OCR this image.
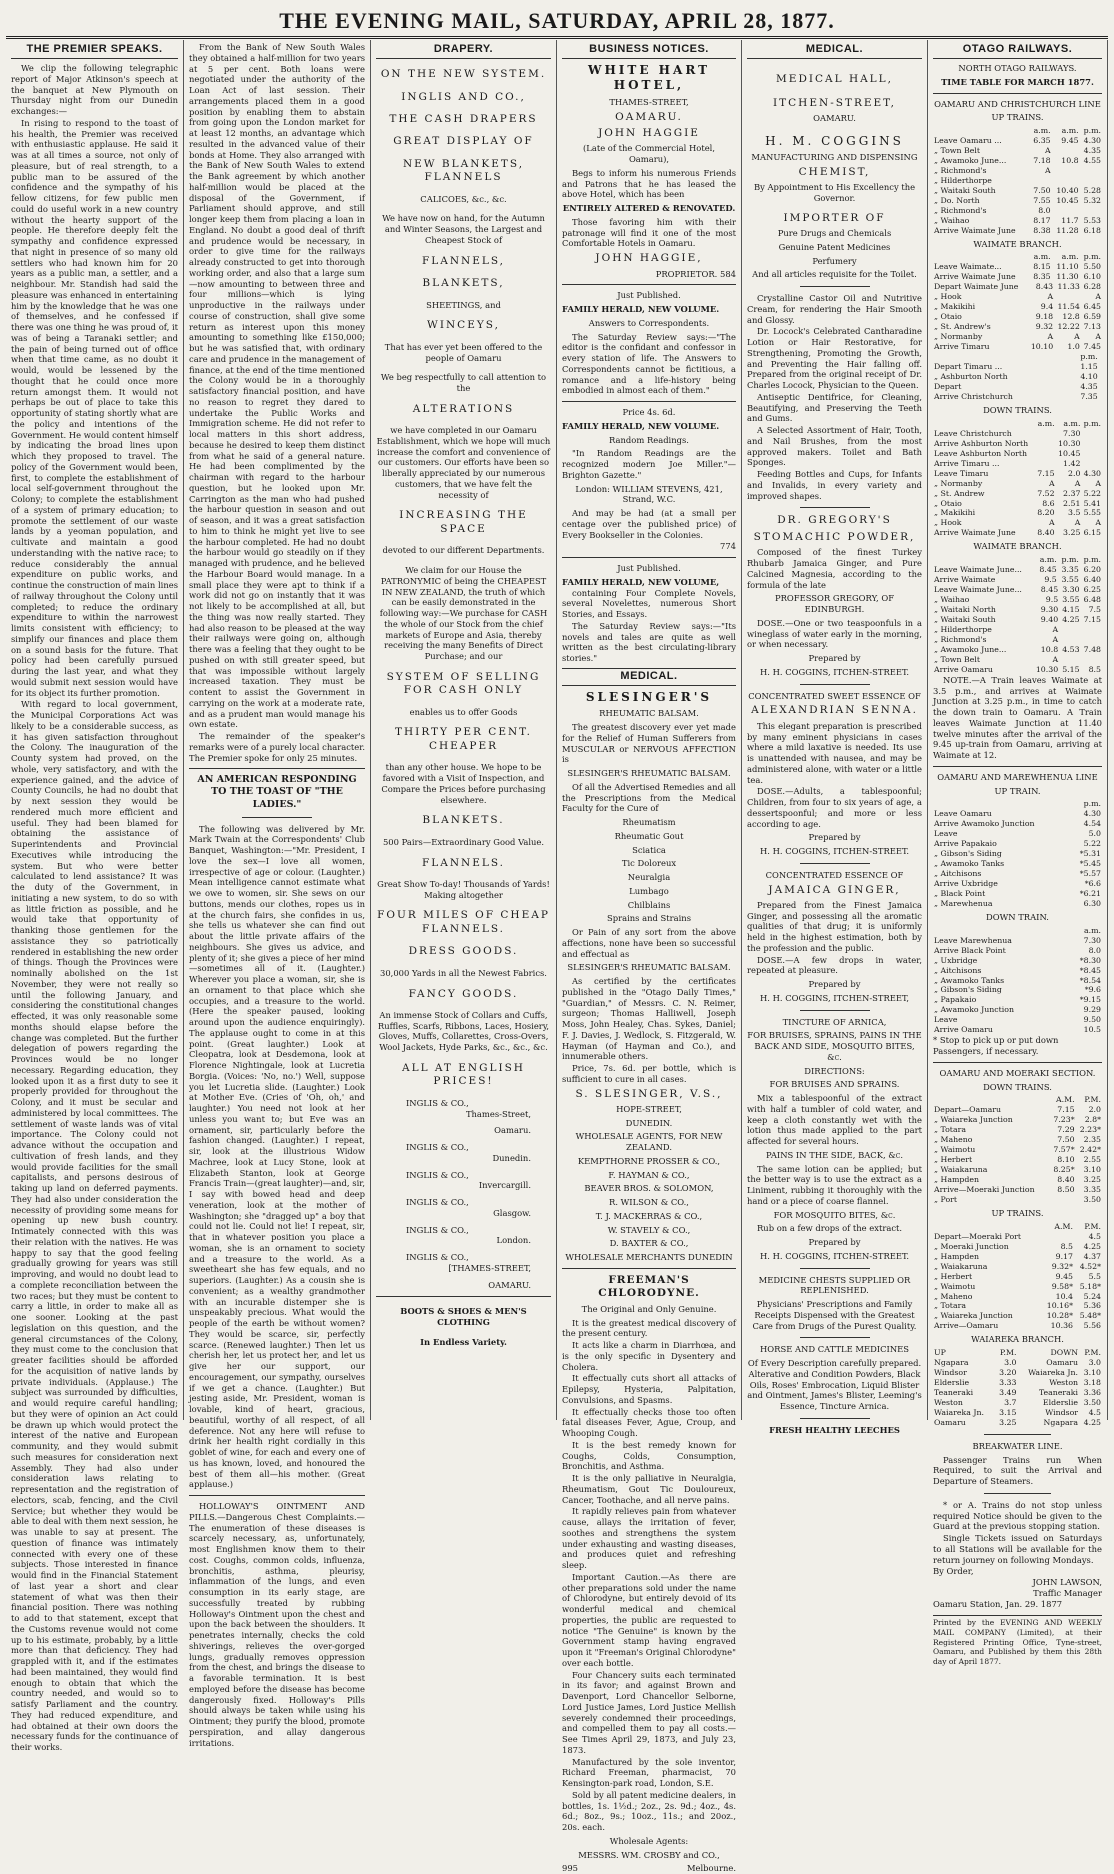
THE EVENING MAIL, SATURDAY, APRIL 28, 1877.
THE PREMIER SPEAKS.

We clip the following telegraphic report of Major Atkinson's speech at the banquet at New Plymouth on Thursday night from our Dunedin exchanges:—

In rising to respond to the toast of his health, the Premier was received with enthusiastic applause. He said it was at all times a source, not only of pleasure, but of real strength, to a public man to be assured of the confidence and the sympathy of his fellow citizens, for few public men could do useful work in a new country without the hearty support of the people. He therefore deeply felt the sympathy and confidence expressed that night in presence of so many old settlers who had known him for 20 years as a public man, a settler, and a neighbour. Mr. Standish had said the pleasure was enhanced in entertaining him by the knowledge that he was one of themselves, and he confessed if there was one thing he was proud of, it was of being a Taranaki settler; and the pain of being turned out of office when that time came, as no doubt it would, would be lessened by the thought that he could once more return amongst them. It would not perhaps be out of place to take this opportunity of stating shortly what are the policy and intentions of the Government. He would content himself by indicating the broad lines upon which they proposed to travel. The policy of the Government would been, first, to complete the establishment of local self-government throughout the Colony; to complete the establishment of a system of primary education; to promote the settlement of our waste lands by a yeoman population, and cultivate and maintain a good understanding with the native race; to reduce considerably the annual expenditure on public works, and continue the construction of main lines of railway throughout the Colony until completed; to reduce the ordinary expenditure to within the narrowest limits consistent with efficiency; to simplify our finances and place them on a sound basis for the future. That policy had been carefully pursued during the last year, and what they would submit next session would have for its object its further promotion.

With regard to local government, the Municipal Corporations Act was likely to be a considerable success, as it has given satisfaction throughout the Colony. The inauguration of the County system had proved, on the whole, very satisfactory, and with the experience gained, and the advice of County Councils, he had no doubt that by next session they would be rendered much more efficient and useful. They had been blamed for obtaining the assistance of Superintendents and Provincial Executives while introducing the system. But who were better calculated to lend assistance? It was the duty of the Government, in initiating a new system, to do so with as little friction as possible, and he would take that opportunity of thanking those gentlemen for the assistance they so patriotically rendered in establishing the new order of things. Though the Provinces were nominally abolished on the 1st November, they were not really so until the following January, and considering the constitutional changes effected, it was only reasonable some months should elapse before the change was completed. But the further delegation of powers regarding the Provinces would be no longer necessary. Regarding education, they looked upon it as a first duty to see it properly provided for throughout the Colony, and it must be secular and administered by local committees. The settlement of waste lands was of vital importance. The Colony could not advance without the occupation and cultivation of fresh lands, and they would provide facilities for the small capitalists, and persons desirous of taking up land on deferred payments. They had also under consideration the necessity of providing some means for opening up new bush country. Intimately connected with this was their relation with the natives. He was happy to say that the good feeling gradually growing for years was still improving, and would no doubt lead to a complete reconciliation between the two races; but they must be content to carry a little, in order to make all as one sooner. Looking at the past legislation on this question, and the general circumstances of the Colony, they must come to the conclusion that greater facilities should be afforded for the acquisition of native lands by private individuals. (Applause.) The subject was surrounded by difficulties, and would require careful handling; but they were of opinion an Act could be drawn up which would protect the interest of the native and European community, and they would submit such measures for consideration next Assembly. They had also under consideration laws relating to representation and the registration of electors, scab, fencing, and the Civil Service; but whether they would be able to deal with them next session, he was unable to say at present. The question of finance was intimately connected with every one of these subjects. Those interested in finance would find in the Financial Statement of last year a short and clear statement of what was then their financial position. There was nothing to add to that statement, except that the Customs revenue would not come up to his estimate, probably, by a little more than that deficiency. They had grappled with it, and if the estimates had been maintained, they would find enough to obtain that which the country needed, and would so to satisfy Parliament and the country. They had reduced expenditure, and had obtained at their own doors the necessary funds for the continuance of their works.

From the Bank of New South Wales they obtained a half-million for two years at 5 per cent. Both loans were negotiated under the authority of the Loan Act of last session. Their arrangements placed them in a good position by enabling them to abstain from going upon the London market for at least 12 months, an advantage which resulted in the advanced value of their bonds at Home. They also arranged with the Bank of New South Wales to extend the Bank agreement by which another half-million would be placed at the disposal of the Government, if Parliament should approve, and still longer keep them from placing a loan in England. No doubt a good deal of thrift and prudence would be necessary, in order to give time for the railways already constructed to get into thorough working order, and also that a large sum—now amounting to between three and four millions—which is lying unproductive in the railways under course of construction, shall give some return as interest upon this money amounting to something like £150,000; but he was satisfied that, with ordinary care and prudence in the management of finance, at the end of the time mentioned the Colony would be in a thoroughly satisfactory financial position, and have no reason to regret they dared to undertake the Public Works and Immigration scheme. He did not refer to local matters in this short address, because he desired to keep them distinct from what he said of a general nature. He had been complimented by the chairman with regard to the harbour question, but he looked upon Mr. Carrington as the man who had pushed the harbour question in season and out of season, and it was a great satisfaction to him to think he might yet live to see the harbour completed. He had no doubt the harbour would go steadily on if they managed with prudence, and he believed the Harbour Board would manage. In a small place they were apt to think if a work did not go on instantly that it was not likely to be accomplished at all, but the thing was now really started. They had also reason to be pleased at the way their railways were going on, although there was a feeling that they ought to be pushed on with still greater speed, but that was impossible without largely increased taxation. They must be content to assist the Government in carrying on the work at a moderate rate, and as a prudent man would manage his own estate.

The remainder of the speaker's remarks were of a purely local character. The Premier spoke for only 25 minutes.

AN AMERICAN RESPONDING TO THE TOAST OF "THE LADIES."

The following was delivered by Mr. Mark Twain at the Correspondents' Club Banquet, Washington:—"Mr. President, I love the sex—I love all women, irrespective of age or colour. (Laughter.) Mean intelligence cannot estimate what we owe to women, sir. She sews on our buttons, mends our clothes, ropes us in at the church fairs, she confides in us, she tells us whatever she can find out about the little private affairs of the neighbours. She gives us advice, and plenty of it; she gives a piece of her mind—sometimes all of it. (Laughter.) Wherever you place a woman, sir, she is an ornament to that place which she occupies, and a treasure to the world. (Here the speaker paused, looking around upon the audience enquiringly). The applause ought to come in at this point. (Great laughter.) Look at Cleopatra, look at Desdemona, look at Florence Nightingale, look at Lucretia Borgia. (Voices: 'No, no.') Well, suppose you let Lucretia slide. (Laughter.) Look at Mother Eve. (Cries of 'Oh, oh,' and laughter.) You need not look at her unless you want to; but Eve was an ornament, sir, particularly before the fashion changed. (Laughter.) I repeat, sir, look at the illustrious Widow Machree, look at Lucy Stone, look at Elizabeth Stanton, look at George Francis Train—(great laughter)—and, sir, I say with bowed head and deep veneration, look at the mother of Washington; she "dragged up" a boy that could not lie. Could not lie! I repeat, sir, that in whatever position you place a woman, she is an ornament to society and a treasure to the world. As a sweetheart she has few equals, and no superiors. (Laughter.) As a cousin she is convenient; as a wealthy grandmother with an incurable distemper she is unspeakably precious. What would the people of the earth be without women? They would be scarce, sir, perfectly scarce. (Renewed laughter.) Then let us cherish her, let us protect her, and let us give her our support, our encouragement, our sympathy, ourselves if we get a chance. (Laughter.) But jesting aside, Mr. President, woman is lovable, kind of heart, gracious, beautiful, worthy of all respect, of all deference. Not any here will refuse to drink her health right cordially in this goblet of wine, for each and every one of us has known, loved, and honoured the best of them all—his mother. (Great applause.)

HOLLOWAY'S OINTMENT AND PILLS.—Dangerous Chest Complaints.—The enumeration of these diseases is scarcely necessary, as, unfortunately, most Englishmen know them to their cost. Coughs, common colds, influenza, bronchitis, asthma, pleurisy, inflammation of the lungs, and even consumption in its early stage, are successfully treated by rubbing Holloway's Ointment upon the chest and upon the back between the shoulders. It penetrates internally, checks the cold shiverings, relieves the over-gorged lungs, gradually removes oppression from the chest, and brings the disease to a favorable termination. It is best employed before the disease has become dangerously fixed. Holloway's Pills should always be taken while using his Ointment; they purify the blood, promote perspiration, and allay dangerous irritations.

DRAPERY.

ON THE NEW SYSTEM.

INGLIS AND CO.,

THE CASH DRAPERS

GREAT DISPLAY OF

NEW BLANKETS, FLANNELS

CALICOES, &c., &c.

We have now on hand, for the Autumn and Winter Seasons, the Largest and Cheapest Stock of

FLANNELS,

BLANKETS,

SHEETINGS, and

WINCEYS,

That has ever yet been offered to the people of Oamaru

We beg respectfully to call attention to the

ALTERATIONS

we have completed in our Oamaru Establishment, which we hope will much increase the comfort and convenience of our customers. Our efforts have been so liberally appreciated by our numerous customers, that we have felt the necessity of

INCREASING THE SPACE

devoted to our different Departments.

We claim for our House the PATRONYMIC of being the CHEAPEST IN NEW ZEALAND, the truth of which can be easily demonstrated in the following way:—We purchase for CASH the whole of our Stock from the chief markets of Europe and Asia, thereby receiving the many Benefits of Direct Purchase; and our

SYSTEM OF SELLING FOR CASH ONLY

enables us to offer Goods

THIRTY PER CENT. CHEAPER

than any other house. We hope to be favored with a Visit of Inspection, and Compare the Prices before purchasing elsewhere.

BLANKETS.

500 Pairs—Extraordinary Good Value.

FLANNELS.

Great Show To-day! Thousands of Yards! Making altogether

FOUR MILES OF CHEAP FLANNELS.

DRESS GOODS.

30,000 Yards in all the Newest Fabrics.

FANCY GOODS.

An immense Stock of Collars and Cuffs, Ruffles, Scarfs, Ribbons, Laces, Hosiery, Gloves, Muffs, Collarettes, Cross-Overs, Wool Jackets, Hyde Parks, &c., &c., &c.

ALL AT ENGLISH PRICES!

INGLIS & CO.,
Thames-Street,
Oamaru.
INGLIS & CO.,
Dunedin.
INGLIS & CO.,
Invercargill.
INGLIS & CO.,
Glasgow.
INGLIS & CO.,
London.
INGLIS & CO.,
[THAMES-STREET,
OAMARU.

BOOTS & SHOES & MEN'S CLOTHING

In Endless Variety.

BUSINESS NOTICES.
WHITE HART HOTEL,

THAMES-STREET,

OAMARU.

JOHN HAGGIE

(Late of the Commercial Hotel, Oamaru),

Begs to inform his numerous Friends and Patrons that he has leased the above Hotel, which has been

ENTIRELY ALTERED & RENOVATED.

Those favoring him with their patronage will find it one of the most Comfortable Hotels in Oamaru.

JOHN HAGGIE,

PROPRIETOR. 584

Just Published.

FAMILY HERALD, NEW VOLUME.

Answers to Correspondents.

The Saturday Review says:—"The editor is the confidant and confessor in every station of life. The Answers to Correspondents cannot be fictitious, a romance and a life-history being embodied in almost each of them."

Price 4s. 6d.

FAMILY HERALD, NEW VOLUME.

Random Readings.

"In Random Readings are the recognized modern Joe Miller."—Brighton Gazette."

London: WILLIAM STEVENS, 421, Strand, W.C.

And may be had (at a small per centage over the published price) of Every Bookseller in the Colonies.

774

Just Published.

FAMILY HERALD, NEW VOLUME,

containing Four Complete Novels, several Novelettes, numerous Short Stories, and Essays.

The Saturday Review says:—"Its novels and tales are quite as well written as the best circulating-library stories."

MEDICAL.
SLESINGER'S

RHEUMATIC BALSAM.

The greatest discovery ever yet made for the Relief of Human Sufferers from MUSCULAR or NERVOUS AFFECTION is

SLESINGER'S RHEUMATIC BALSAM.

Of all the Advertised Remedies and all the Prescriptions from the Medical Faculty for the Cure of

Rheumatism

Rheumatic Gout

Sciatica

Tic Doloreux

Neuralgia

Lumbago

Chilblains

Sprains and Strains

Or Pain of any sort from the above affections, none have been so successful and effectual as

SLESINGER'S RHEUMATIC BALSAM.

As certified by the certificates published in the "Otago Daily Times," "Guardian," of Messrs. C. N. Reimer, surgeon; Thomas Halliwell, Joseph Moss, John Healey, Chas. Sykes, Daniel; F. J. Davies, J. Wedlock, S. Fitzgerald, W. Hayman (of Hayman and Co.), and innumerable others.

Price, 7s. 6d. per bottle, which is sufficient to cure in all cases.

S. SLESINGER, V.S.,

HOPE-STREET,

DUNEDIN.

WHOLESALE AGENTS, FOR NEW ZEALAND.

KEMPTHORNE PROSSER & CO.,

F. HAYMAN & CO.,

BEAVER BROS. & SOLOMON,

R. WILSON & CO.,

T. J. MACKERRAS & CO.,

W. STAVELY & CO.,

D. BAXTER & CO.,

WHOLESALE MERCHANTS DUNEDIN

FREEMAN'S CHLORODYNE.

The Original and Only Genuine.

It is the greatest medical discovery of the present century.

It acts like a charm in Diarrhœa, and is the only specific in Dysentery and Cholera.

It effectually cuts short all attacks of Epilepsy, Hysteria, Palpitation, Convulsions, and Spasms.

It effectually checks those too often fatal diseases Fever, Ague, Croup, and Whooping Cough.

It is the best remedy known for Coughs, Colds, Consumption, Bronchitis, and Asthma.

It is the only palliative in Neuralgia, Rheumatism, Gout Tic Douloureux, Cancer, Toothache, and all nerve pains.

It rapidly relieves pain from whatever cause, allays the irritation of fever, soothes and strengthens the system under exhausting and wasting diseases, and produces quiet and refreshing sleep.

Important Caution.—As there are other preparations sold under the name of Chlorodyne, but entirely devoid of its wonderful medical and chemical properties, the public are requested to notice "The Genuine" is known by the Government stamp having engraved upon it "Freeman's Original Chlorodyne" over each bottle.

Four Chancery suits each terminated in its favor; and against Brown and Davenport, Lord Chancellor Selborne, Lord Justice James, Lord Justice Mellish severely condemned their proceedings, and compelled them to pay all costs.—See Times April 29, 1873, and July 23, 1873.

Manufactured by the sole inventor, Richard Freeman, pharmacist, 70 Kensington-park road, London, S.E.

Sold by all patent medicine dealers, in bottles, 1s. 1½d.; 2oz., 2s. 9d.; 4oz., 4s. 6d.; 8oz., 9s.; 10oz., 11s.; and 20oz., 20s. each.

Wholesale Agents:

MESSRS. WM. CROSBY and CO.,

995	Melbourne.

MEDICAL.

MEDICAL HALL,

ITCHEN-STREET,

OAMARU.

H. M. COGGINS

MANUFACTURING AND DISPENSING

CHEMIST,

By Appointment to His Excellency the Governor.

IMPORTER OF

Pure Drugs and Chemicals

Genuine Patent Medicines

Perfumery

And all articles requisite for the Toilet.

Crystalline Castor Oil and Nutritive Cream, for rendering the Hair Smooth and Glossy.

Dr. Locock's Celebrated Cantharadine Lotion or Hair Restorative, for Strengthening, Promoting the Growth, and Preventing the Hair falling off. Prepared from the original receipt of Dr. Charles Locock, Physician to the Queen.

Antiseptic Dentifrice, for Cleaning, Beautifying, and Preserving the Teeth and Gums.

A Selected Assortment of Hair, Tooth, and Nail Brushes, from the most approved makers. Toilet and Bath Sponges.

Feeding Bottles and Cups, for Infants and Invalids, in every variety and improved shapes.

DR. GREGORY'S

STOMACHIC POWDER,

Composed of the finest Turkey Rhubarb Jamaica Ginger, and Pure Calcined Magnesia, according to the formula of the late

PROFESSOR GREGORY, OF EDINBURGH.

DOSE.—One or two teaspoonfuls in a wineglass of water early in the morning, or when necessary.

Prepared by

H. H. COGGINS, ITCHEN-STREET.

CONCENTRATED SWEET ESSENCE OF

ALEXANDRIAN SENNA.

This elegant preparation is prescribed by many eminent physicians in cases where a mild laxative is needed. Its use is unattended with nausea, and may be administered alone, with water or a little tea.

DOSE.—Adults, a tablespoonful; Children, from four to six years of age, a dessertspoonful; and more or less according to age.

Prepared by

H. H. COGGINS, ITCHEN-STREET.

CONCENTRATED ESSENCE OF

JAMAICA GINGER,

Prepared from the Finest Jamaica Ginger, and possessing all the aromatic qualities of that drug; it is uniformly held in the highest estimation, both by the profession and the public.

DOSE.—A few drops in water, repeated at pleasure.

Prepared by

H. H. COGGINS, ITCHEN-STREET,

TINCTURE OF ARNICA,

FOR BRUISES, SPRAINS, PAINS IN THE BACK AND SIDE, MOSQUITO BITES, &c.

DIRECTIONS:

FOR BRUISES AND SPRAINS.

Mix a tablespoonful of the extract with half a tumbler of cold water, and keep a cloth constantly wet with the lotion thus made applied to the part affected for several hours.

PAINS IN THE SIDE, BACK, &c.

The same lotion can be applied; but the better way is to use the extract as a Liniment, rubbing it thoroughly with the hand or a piece of coarse flannel.

FOR MOSQUITO BITES, &c.

Rub on a few drops of the extract.

Prepared by

H. H. COGGINS, ITCHEN-STREET.

MEDICINE CHESTS SUPPLIED OR REPLENISHED.

Physicians' Prescriptions and Family Receipts Dispensed with the Greatest Care from Drugs of the Purest Quality.

HORSE AND CATTLE MEDICINES

Of Every Description carefully prepared. Alterative and Condition Powders, Black Oils, Roses' Embrocation, Liquid Blister and Ointment, James's Blister, Leeming's Essence, Tincture Arnica.

FRESH HEALTHY LEECHES

OTAGO RAILWAYS.

NORTH OTAGO RAILWAYS.

TIME TABLE FOR MARCH 1877.

OAMARU AND CHRISTCHURCH LINE

UP TRAINS.

	a.m.	a.m.	p.m.
Leave Oamaru ...	6.35	9.45	4.30
„ Town Belt	A		4.35
„ Awamoko June...	7.18	10.8	4.55
„ Richmond's	A		
„ Hilderthorpe			
„ Waitaki South	7.50	10.40	5.28
„ Do. North	7.55	10.45	5.32
„ Richmond's	8.0		
„ Waihao	8.17	11.7	5.53
Arrive Waimate June	8.38	11.28	6.18

WAIMATE BRANCH.

	a.m.	a.m.	p.m.
Leave Waimate...	8.15	11.10	5.50
Arrive Waimate June	8.35	11.30	6.10
Depart Waimate June	8.43	11.33	6.28
„ Hook	A		A
„ Makikihi	9.4	11.54	6.45
„ Otaio	9.18	12.8	6.59
„ St. Andrew's	9.32	12.22	7.13
„ Normanby	A	A	A
Arrive Timaru	10.10	1.0	7.45
		p.m.	
Depart Timaru ...		1.15	
„ Ashburton North		4.10	
Depart		4.35	
Arrive Christchurch		7.35	

DOWN TRAINS.

	a.m.	a.m.	p.m.
Leave Christchurch		7.30	
Arrive Ashburton North		10.30	
Leave Ashburton North		10.45	
Arrive Timaru ...		1.42	
Leave Timaru	7.15	2.0	4.30
„ Normanby	A	A	A
„ St. Andrew	7.52	2.37	5.22
„ Otaio	8.6	2.51	5.41
„ Makikihi	8.20	3.5	5.55
„ Hook	A	A	A
Arrive Waimate June	8.40	3.25	6.15

WAIMATE BRANCH.

	a.m.	p.m.	p.m.
Leave Waimate June...	8.45	3.35	6.20
Arrive Waimate	9.5	3.55	6.40
Leave Waimate June...	8.45	3.30	6.25
„ Waihao	9.5	3.55	6.48
„ Waitaki North	9.30	4.15	7.5
„ Waitaki South	9.40	4.25	7.15
„ Hilderthorpe	A		
„ Richmond's	A		
„ Awamoko June...	10.8	4.53	7.48
„ Town Belt	A		
Arrive Oamaru	10.30	5.15	8.5

NOTE.—A Train leaves Waimate at 3.5 p.m., and arrives at Waimate Junction at 3.25 p.m., in time to catch the down train to Oamaru. A Train leaves Waimate Junction at 11.40 twelve minutes after the arrival of the 9.45 up-train from Oamaru, arriving at Waimate at 12.

OAMARU AND MAREWHENUA LINE

UP TRAIN.

	p.m.
Leave Oamaru	4.30
Arrive Awamoko Junction	4.54
Leave	5.0
Arrive Papakaio	5.22
„ Gibson's Siding	*5.31
„ Awamoko Tanks	*5.45
„ Aitchisons	*5.57
Arrive Uxbridge	*6.6
„ Black Point	*6.21
„ Marewhenua	6.30

DOWN TRAIN.

	a.m.
Leave Marewhenua	7.30
Arrive Black Point	8.0
„ Uxbridge	*8.30
„ Aitchisons	*8.45
„ Awamoko Tanks	*8.54
„ Gibson's Siding	*9.6
„ Papakaio	*9.15
„ Awamoko Junction	9.29
Leave	9.50
Arrive Oamaru	10.5

* Stop to pick up or put down Passengers, if necessary.

OAMARU AND MOERAKI SECTION.

DOWN TRAINS.

	A.M.	P.M.
Depart—Oamaru	7.15	2.0
„ Waiareka Junction	7.23*	2.8*
„ Totara	7.29	2.23*
„ Maheno	7.50	2.35
„ Waimotu	7.57*	2.42*
„ Herbert	8.10	2.55
„ Waiakaruna	8.25*	3.10
„ Hampden	8.40	3.25
Arrive—Moeraki Junction	8.50	3.35
„ Port		3.50

UP TRAINS.

	A.M.	P.M.
Depart—Moeraki Port		4.5
„ Moeraki Junction	8.5	4.25
„ Hampden	9.17	4.37
„ Waiakaruna	9.32*	4.52*
„ Herbert	9.45	5.5
„ Waimotu	9.58*	5.18*
„ Maheno	10.4	5.24
„ Totara	10.16*	5.36
„ Waiareka Junction	10.28*	5.48*
Arrive—Oamaru	10.36	5.56

WAIAREKA BRANCH.

UP	P.M.	DOWN	P.M.
Ngapara	3.0	Oamaru	3.0
Windsor	3.20	Waiareka Jn.	3.10
Elderslie	3.33	Weston	3.18
Teaneraki	3.49	Teaneraki	3.36
Weston	3.7	Elderslie	3.50
Waiareka Jn.	3.15	Windsor	4.5
Oamaru	3.25	Ngapara	4.25

BREAKWATER LINE.

Passenger Trains run When Required, to suit the Arrival and Departure of Steamers.

* or A. Trains do not stop unless required Notice should be given to the Guard at the previous stopping station.

Single Tickets issued on Saturdays to all Stations will be available for the return journey on following Mondays.

By Order,

JOHN LAWSON,

Traffic Manager

Oamaru Station, Jan. 29. 1877

Printed by the EVENING AND WEEKLY MAIL COMPANY (Limited), at their Registered Printing Office, Tyne-street, Oamaru, and Published by them this 28th day of April 1877.
